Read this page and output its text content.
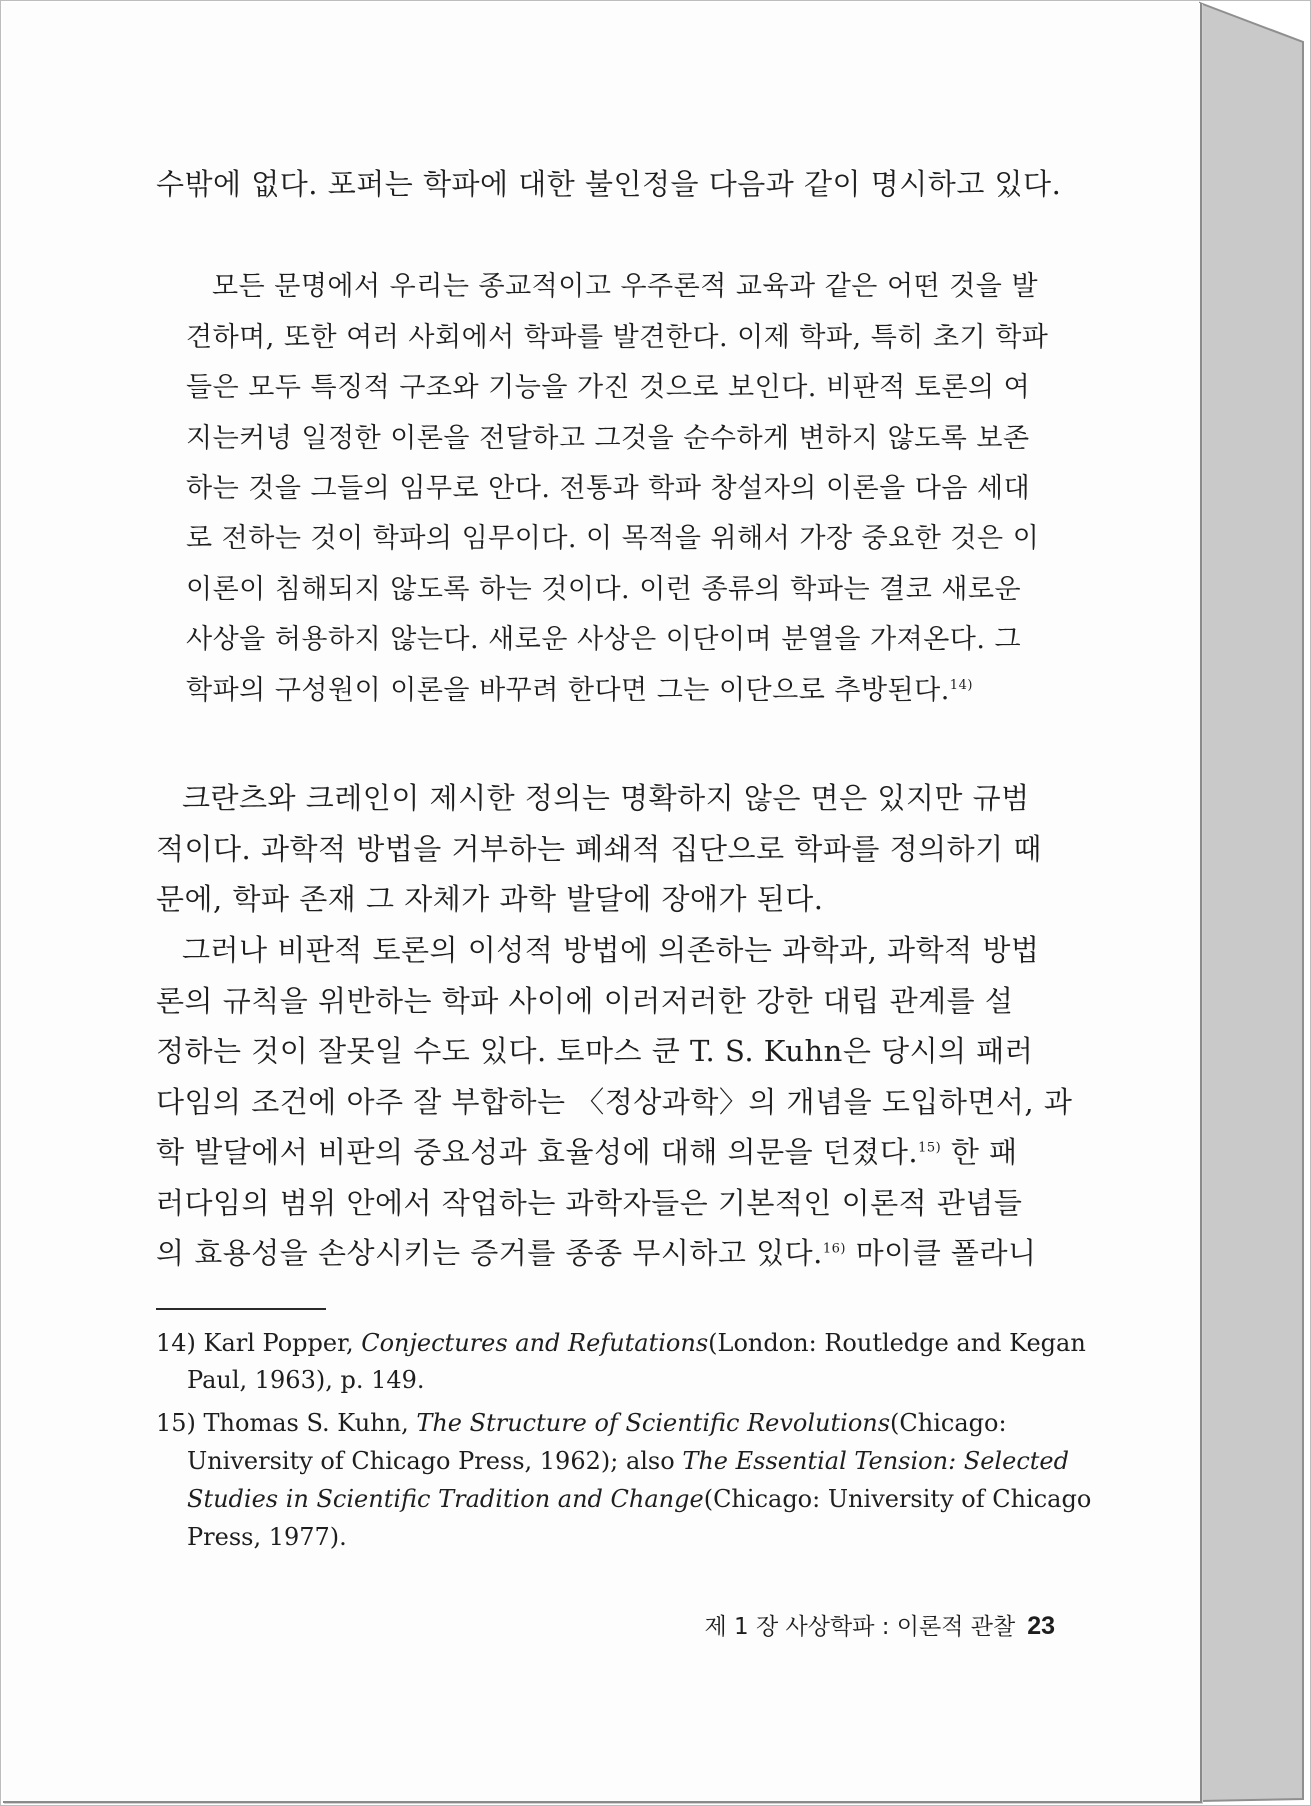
수밖에 없다. 포퍼는 학파에 대한 불인정을 다음과 같이 명시하고 있다.
모든 문명에서 우리는 종교적이고 우주론적 교육과 같은 어떤 것을 발
견하며, 또한 여러 사회에서 학파를 발견한다. 이제 학파, 특히 초기 학파
들은 모두 특징적 구조와 기능을 가진 것으로 보인다. 비판적 토론의 여
지는커녕 일정한 이론을 전달하고 그것을 순수하게 변하지 않도록 보존
하는 것을 그들의 임무로 안다. 전통과 학파 창설자의 이론을 다음 세대
로 전하는 것이 학파의 임무이다. 이 목적을 위해서 가장 중요한 것은 이
이론이 침해되지 않도록 하는 것이다. 이런 종류의 학파는 결코 새로운
사상을 허용하지 않는다. 새로운 사상은 이단이며 분열을 가져온다. 그
학파의 구성원이 이론을 바꾸려 한다면 그는 이단으로 추방된다.$^{14)}$
크란츠와 크레인이 제시한 정의는 명확하지 않은 면은 있지만 규범
적이다. 과학적 방법을 거부하는 폐쇄적 집단으로 학파를 정의하기 때
문에, 학파 존재 그 자체가 과학 발달에 장애가 된다.
그러나 비판적 토론의 이성적 방법에 의존하는 과학과, 과학적 방법
론의 규칙을 위반하는 학파 사이에 이러저러한 강한 대립 관계를 설
정하는 것이 잘못일 수도 있다. 토마스 쿤 T. S. Kuhn은 당시의 패러
다임의 조건에 아주 잘 부합하는 〈정상과학〉의 개념을 도입하면서, 과
학 발달에서 비판의 중요성과 효율성에 대해 의문을 던졌다.$^{15)}$ 한 패
러다임의 범위 안에서 작업하는 과학자들은 기본적인 이론적 관념들
의 효용성을 손상시키는 증거를 종종 무시하고 있다.$^{16)}$ 마이클 폴라니
14) Karl Popper, Conjectures and Refutations(London: Routledge and Kegan
Paul, 1963), p. 149.
15) Thomas S. Kuhn, The Structure of Scientific Revolutions(Chicago:
University of Chicago Press, 1962); also The Essential Tension: Selected
Studies in Scientific Tradition and Change(Chicago: University of Chicago
Press, 1977).
제 1 장 사상학파 : 이론적 관찰 23
